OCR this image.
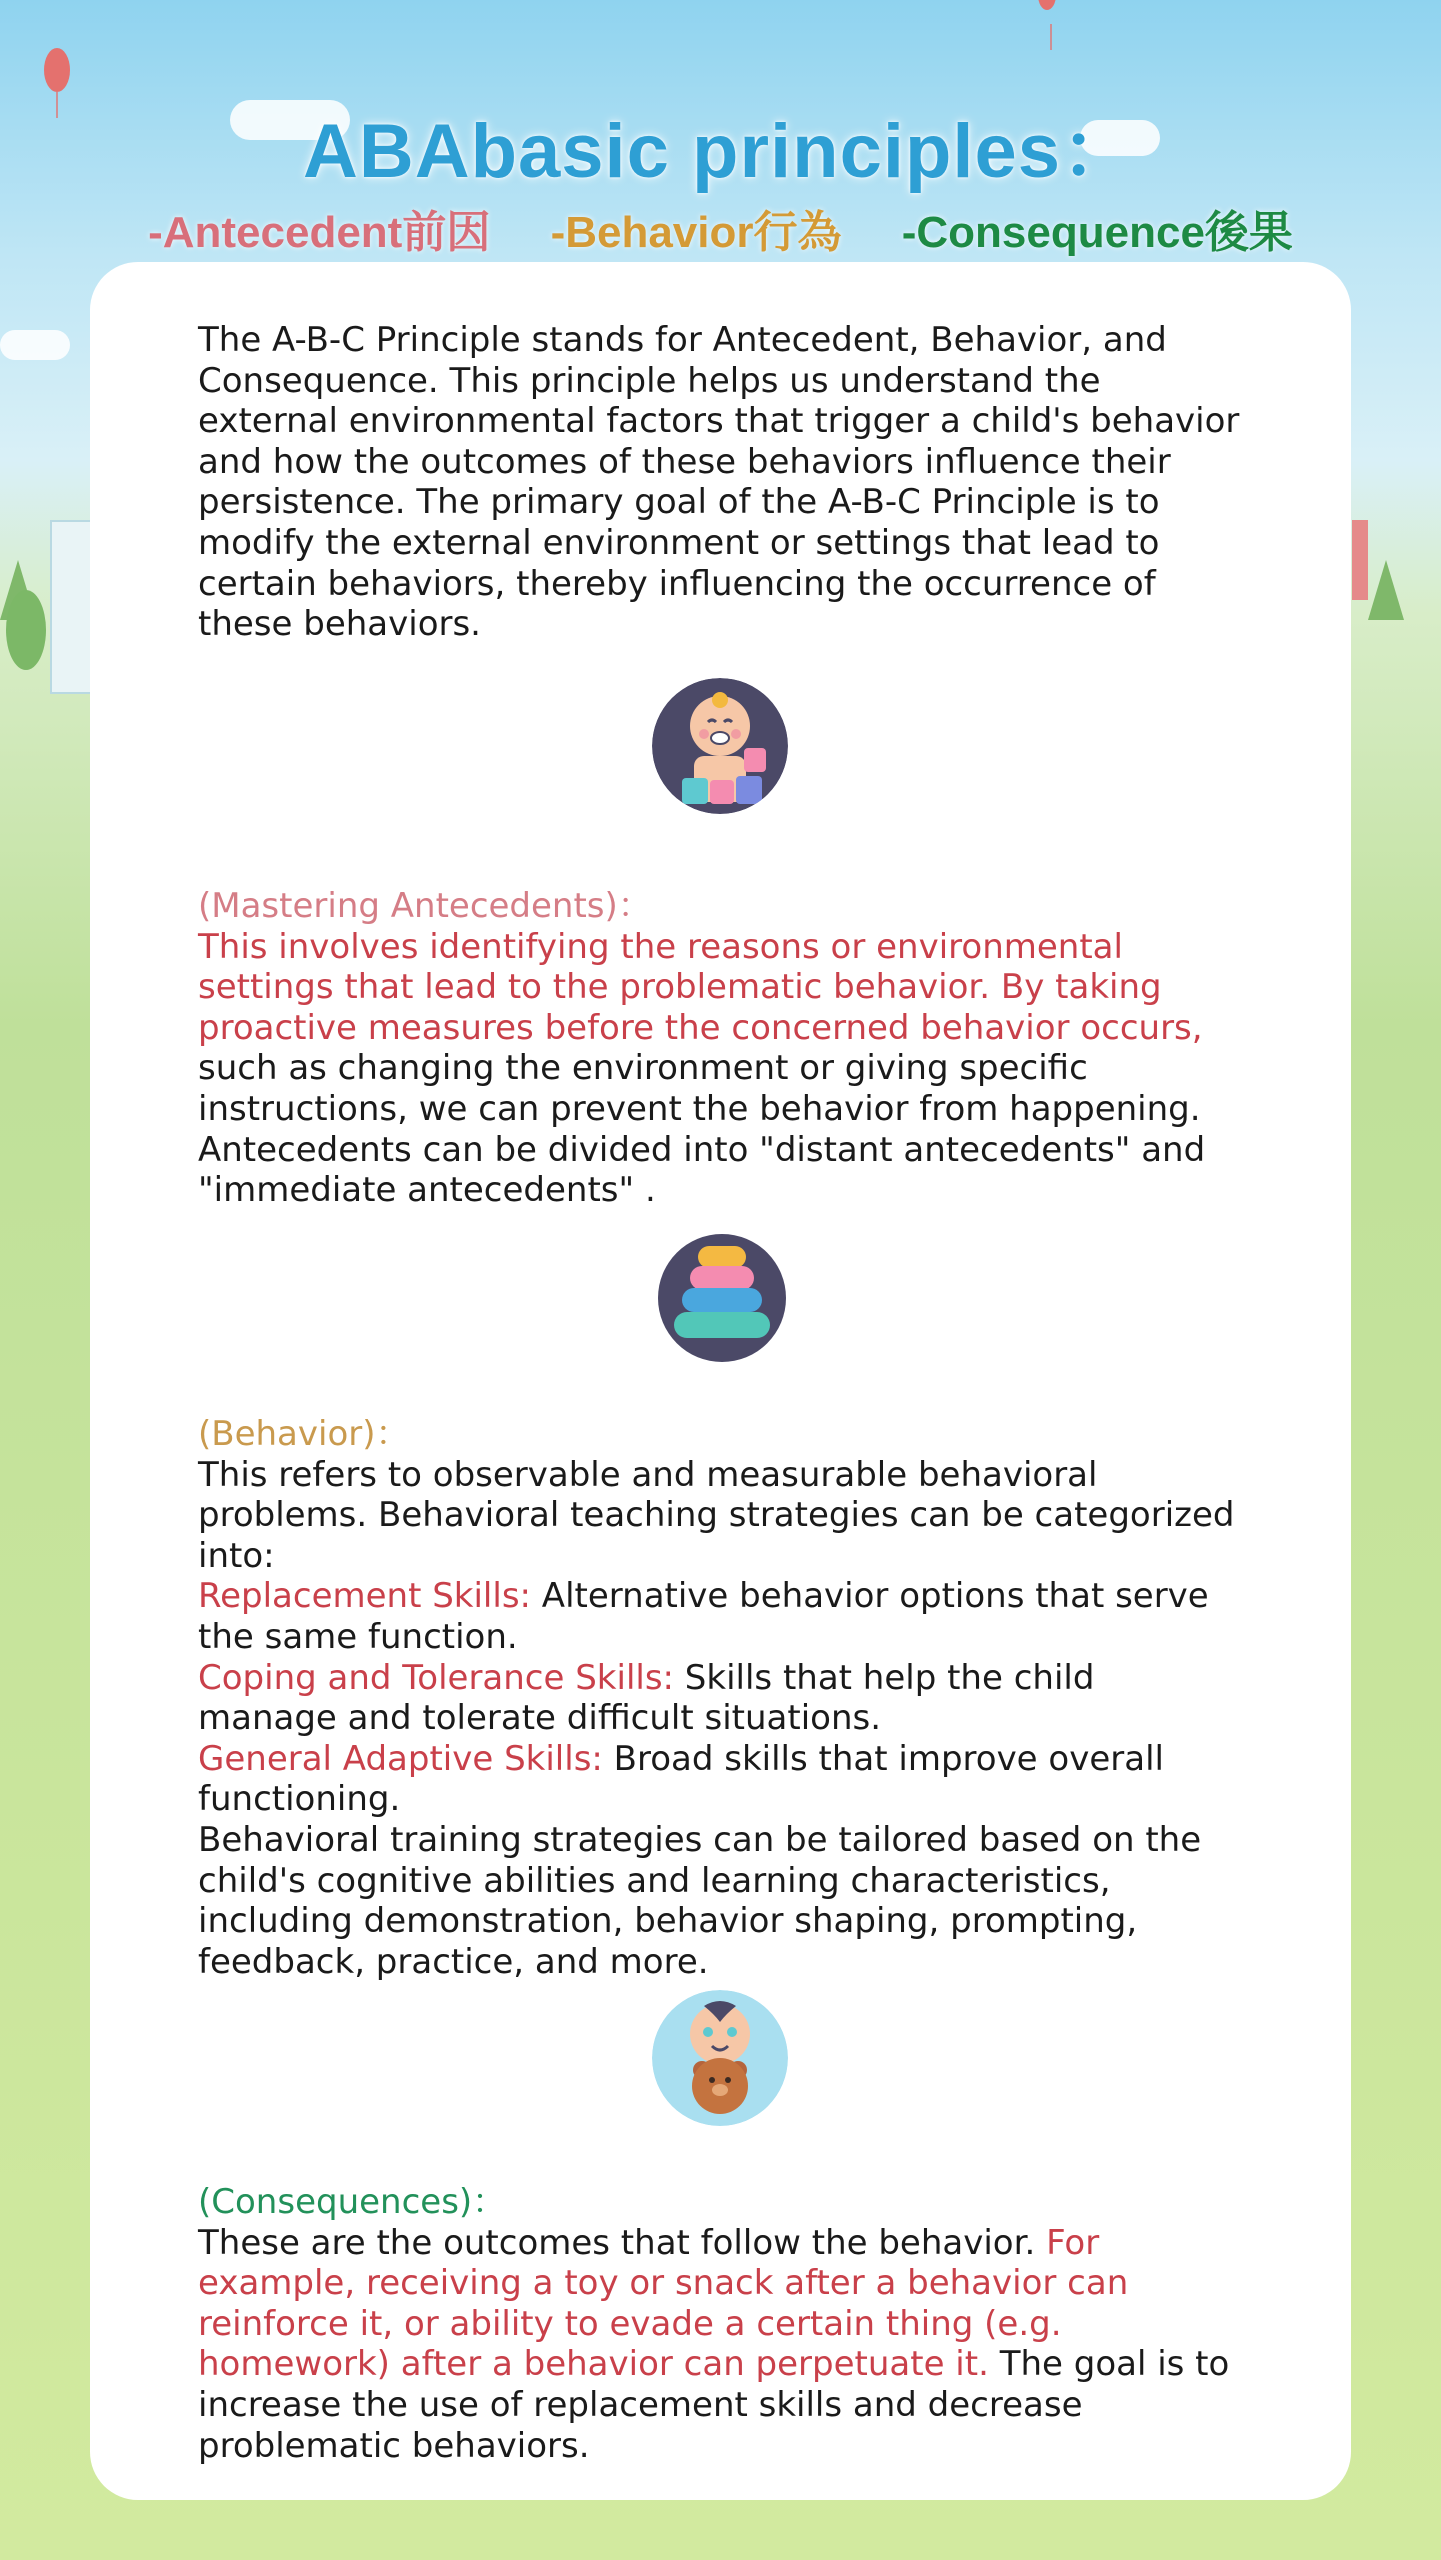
ABAbasic principles：
-Antecedent前因 -Behavior行為 -Consequence後果
The A-B-C Principle stands for Antecedent, Behavior, and Consequence. This principle helps us understand the external environmental factors that trigger a child's behavior and how the outcomes of these behaviors influence their persistence. The primary goal of the A-B-C Principle is to modify the external environment or settings that lead to certain behaviors, thereby influencing the occurrence of these behaviors.
(Mastering Antecedents)：
This involves identifying the reasons or environmental settings that lead to the problematic behavior. By taking proactive measures before the concerned behavior occurs, such as changing the environment or giving specific instructions, we can prevent the behavior from happening. Antecedents can be divided into "distant antecedents" and "immediate antecedents" .
(Behavior)：
This refers to observable and measurable behavioral problems. Behavioral teaching strategies can be categorized into:
Replacement Skills: Alternative behavior options that serve the same function.
Coping and Tolerance Skills: Skills that help the child manage and tolerate difficult situations.
General Adaptive Skills: Broad skills that improve overall functioning.
Behavioral training strategies can be tailored based on the child's cognitive abilities and learning characteristics, including demonstration, behavior shaping, prompting, feedback, practice, and more.
(Consequences)：
These are the outcomes that follow the behavior. For example, receiving a toy or snack after a behavior can reinforce it, or ability to evade a certain thing (e.g. homework) after a behavior can perpetuate it. The goal is to increase the use of replacement skills and decrease problematic behaviors.
